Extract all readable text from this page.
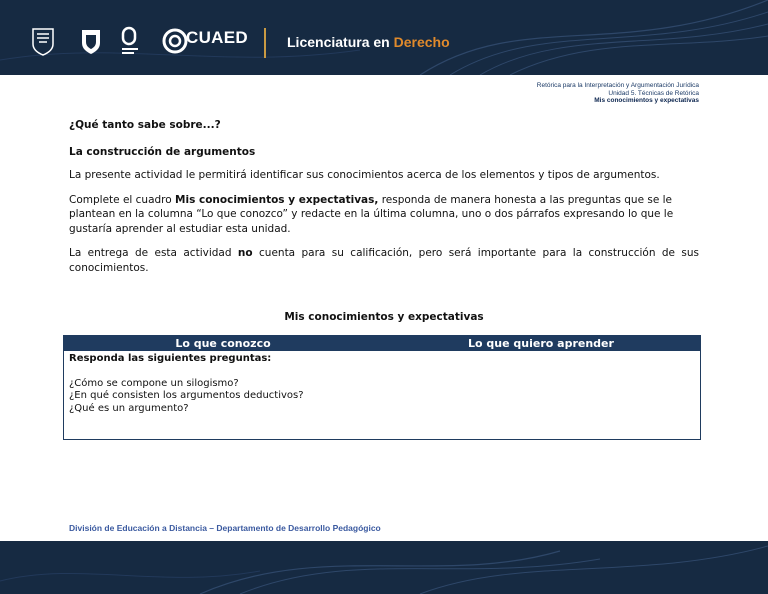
CUAED	Licenciatura en Derecho
Retórica para la Interpretación y Argumentación Jurídica
Unidad 5. Técnicas de Retórica
Mis conocimientos y expectativas

¿Qué tanto sabe sobre...?

La construcción de argumentos

La presente actividad le permitirá identificar sus conocimientos acerca de los elementos y tipos de argumentos.

Complete el cuadro Mis conocimientos y expectativas, responda de manera honesta a las preguntas que se le plantean en la columna “Lo que conozco” y redacte en la última columna, uno o dos párrafos expresando lo que le gustaría aprender al estudiar esta unidad.

La entrega de esta actividad no cuenta para su calificación, pero será importante para la construcción de sus conocimientos.

Mis conocimientos y expectativas
Lo que conozco	Lo que quiero aprender
Responda las siguientes preguntas:
¿Cómo se compone un silogismo?
¿En qué consisten los argumentos deductivos?
¿Qué es un argumento?
División de Educación a Distancia – Departamento de Desarrollo Pedagógico
